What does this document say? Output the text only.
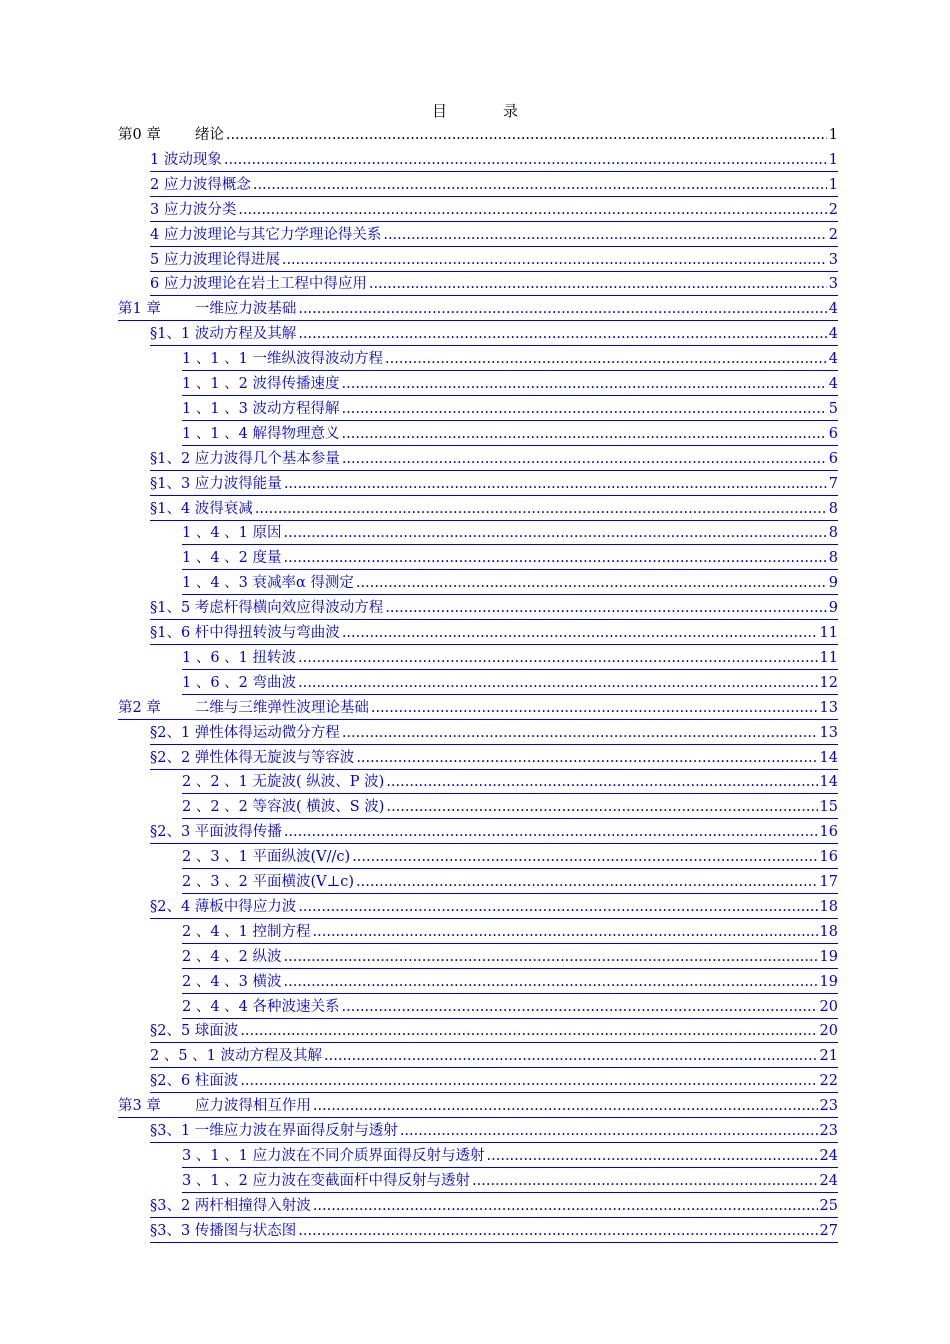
目	录
第0 章 绪论 .....	1
1 波动现象 .....	1
2 应力波得概念 .....	1
3 应力波分类 .....	2
4 应力波理论与其它力学理论得关系 .....	2
5 应力波理论得进展 .....	3
6 应力波理论在岩土工程中得应用 .....	3
第1 章 一维应力波基础 .....	4
§1、1 波动方程及其解 .....	4
1 、1 、1 一维纵波得波动方程 .....	4
1 、1 、2 波得传播速度 .....	4
1 、1 、3 波动方程得解 .....	5
1 、1 、4 解得物理意义 .....	6
§1、2 应力波得几个基本参量 .....	6
§1、3 应力波得能量 .....	7
§1、4 波得衰减 .....	8
1 、4 、1 原因 .....	8
1 、4 、2 度量 .....	8
1 、4 、3 衰减率α 得测定 .....	9
§1、5 考虑杆得横向效应得波动方程 .....	9
§1、6 杆中得扭转波与弯曲波 .....	11
1 、6 、1 扭转波 .....	11
1 、6 、2 弯曲波 .....	12
第2 章 二维与三维弹性波理论基础 .....	13
§2、1 弹性体得运动微分方程 .....	13
§2、2 弹性体得无旋波与等容波 .....	14
2 、2 、1 无旋波( 纵波、P 波) .....	14
2 、2 、2 等容波( 横波、S 波) .....	15
§2、3 平面波得传播 .....	16
2 、3 、1 平面纵波(V//c) .....	16
2 、3 、2 平面横波(V⊥c) .....	17
§2、4 薄板中得应力波 .....	18
2 、4 、1 控制方程 .....	18
2 、4 、2 纵波 .....	19
2 、4 、3 横波 .....	19
2 、4 、4 各种波速关系 .....	20
§2、5 球面波 .....	20
2 、5 、1 波动方程及其解 .....	21
§2、6 柱面波 .....	22
第3 章 应力波得相互作用 .....	23
§3、1 一维应力波在界面得反射与透射 .....	23
3 、1 、1 应力波在不同介质界面得反射与透射 .....	24
3 、1 、2 应力波在变截面杆中得反射与透射 .....	24
§3、2 两杆相撞得入射波 .....	25
§3、3 传播图与状态图 .....	27
